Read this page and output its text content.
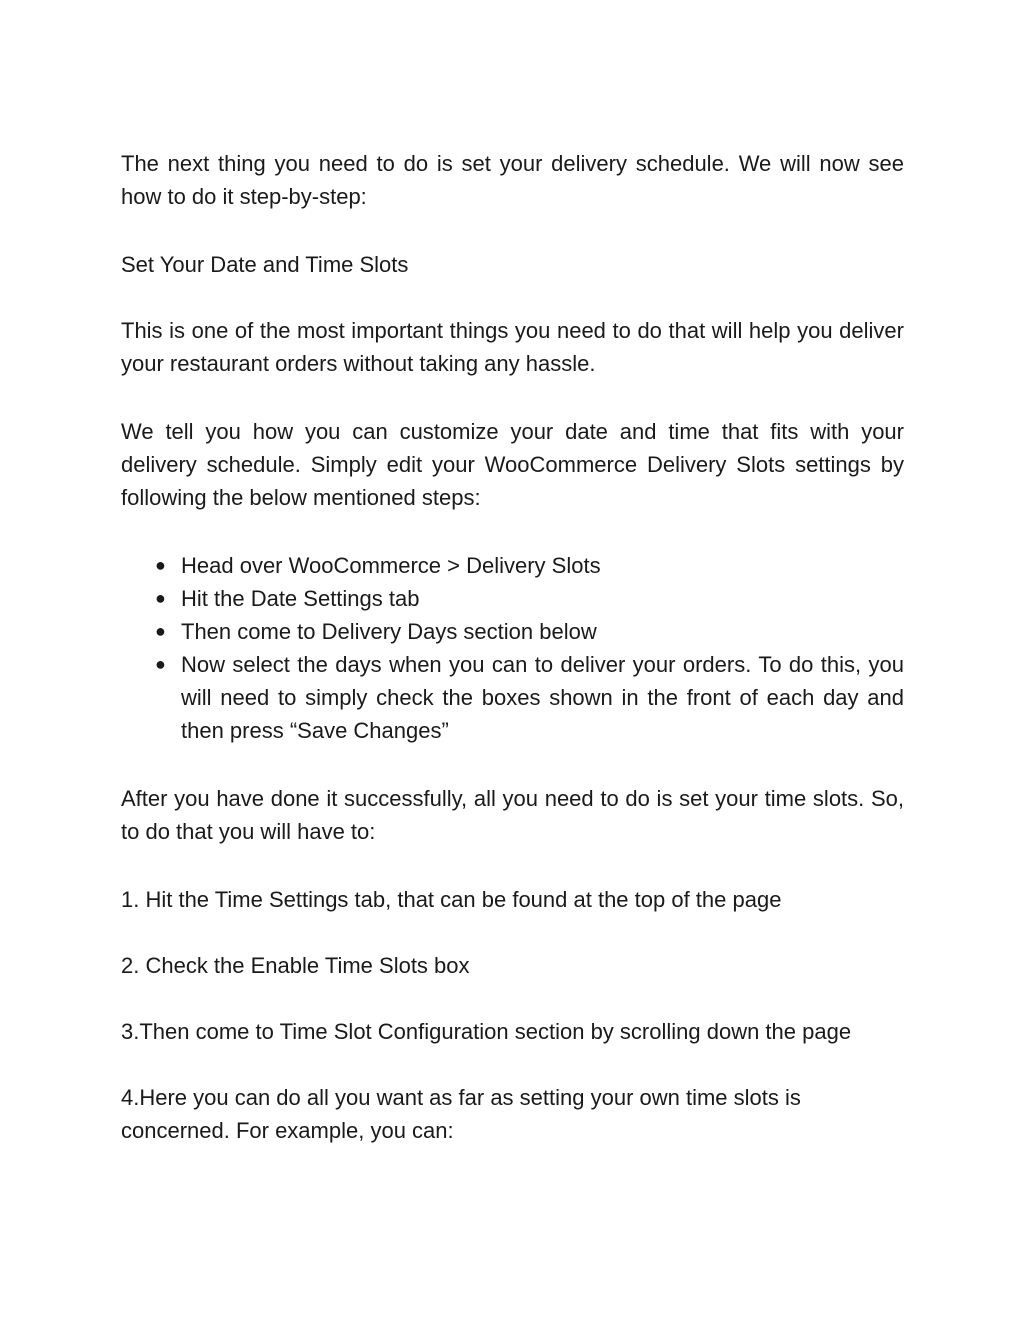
The next thing you need to do is set your delivery schedule. We will now see how to do it step-by-step:

Set Your Date and Time Slots

This is one of the most important things you need to do that will help you deliver your restaurant orders without taking any hassle.

We tell you how you can customize your date and time that fits with your delivery schedule. Simply edit your WooCommerce Delivery Slots settings by following the below mentioned steps:

● Head over WooCommerce > Delivery Slots
● Hit the Date Settings tab
● Then come to Delivery Days section below
● Now select the days when you can to deliver your orders. To do this, you will need to simply check the boxes shown in the front of each day and then press “Save Changes”

After you have done it successfully, all you need to do is set your time slots. So, to do that you will have to:

1. Hit the Time Settings tab, that can be found at the top of the page

2. Check the Enable Time Slots box

3.Then come to Time Slot Configuration section by scrolling down the page

4.Here you can do all you want as far as setting your own time slots is concerned. For example, you can:
